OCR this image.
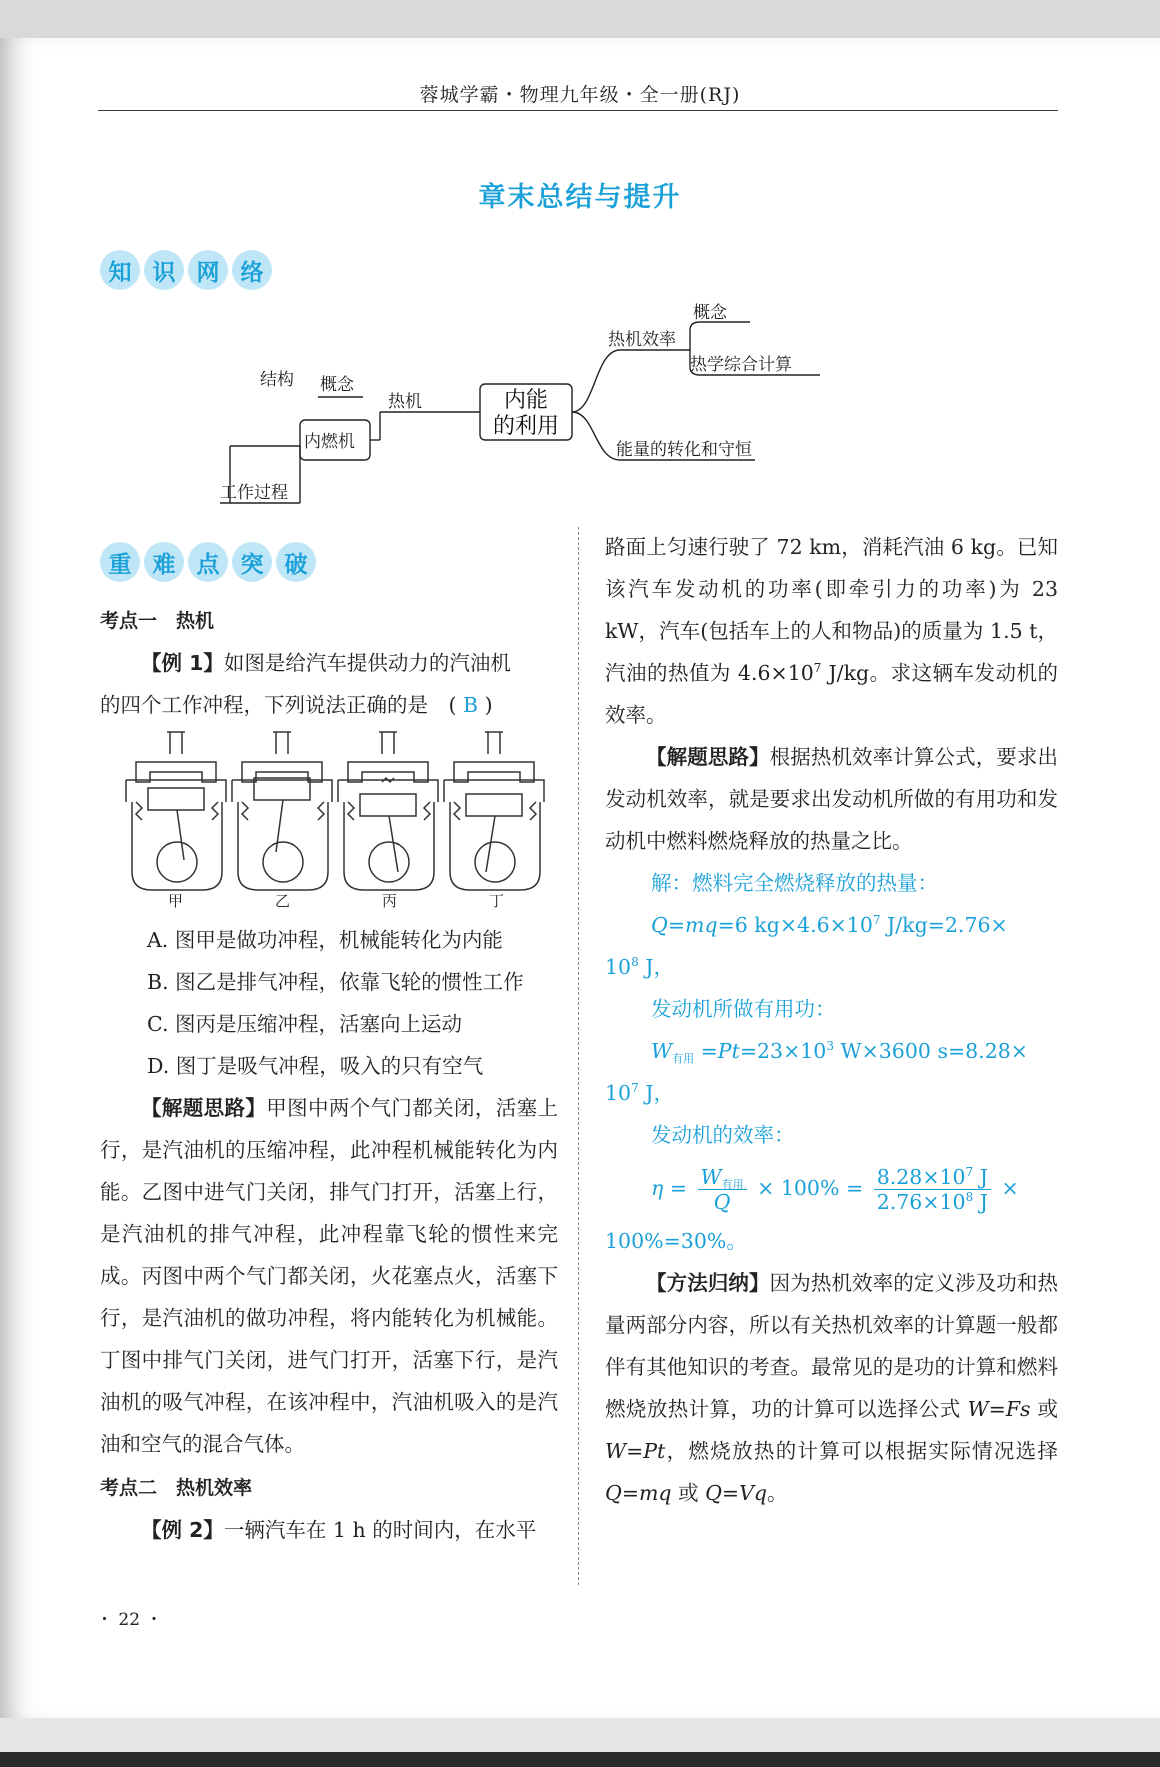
蓉城学霸・物理九年级・全一册(RJ)
章末总结与提升
知 识 网 络
结构
工作过程
概念
内燃机
热机	内能
的利用
概念
热学综合计算
热机效率
能量的转化和守恒
重 难 点 突 破

考点一　热机

【例 1】如图是给汽车提供动力的汽油机

的四个工作冲程，下列说法正确的是　( B )

甲	乙	丙	丁

A. 图甲是做功冲程，机械能转化为内能

B. 图乙是排气冲程，依靠飞轮的惯性工作

C. 图丙是压缩冲程，活塞向上运动

D. 图丁是吸气冲程，吸入的只有空气

【解题思路】甲图中两个气门都关闭，活塞上行，是汽油机的压缩冲程，此冲程机械能转化为内能。乙图中进气门关闭，排气门打开，活塞上行，是汽油机的排气冲程，此冲程靠飞轮的惯性来完成。丙图中两个气门都关闭，火花塞点火，活塞下行，是汽油机的做功冲程，将内能转化为机械能。丁图中排气门关闭，进气门打开，活塞下行，是汽油机的吸气冲程，在该冲程中，汽油机吸入的是汽油和空气的混合气体。

考点二　热机效率

【例 2】一辆汽车在 1 h 的时间内，在水平

路面上匀速行驶了 72 km，消耗汽油 6 kg。已知该汽车发动机的功率(即牵引力的功率)为 23 kW，汽车(包括车上的人和物品)的质量为 1.5 t，汽油的热值为 $4.6\times 10^7$ J/kg。求这辆车发动机的效率。

【解题思路】根据热机效率计算公式，要求出发动机效率，就是要求出发动机所做的有用功和发动机中燃料燃烧释放的热量之比。

解：燃料完全燃烧释放的热量：

Q=mq=6 $kg\times 4.6\times 10^7$ J/kg=2.76×

$10^8$ J，

发动机所做有用功：

$W_{有用} =Pt=23\times 10^3$ W×3600 s=8.28×

$10^7$ J，

发动机的效率：

$\eta = \frac{W_{有用}}{Q} \times 100\% = \frac{8.28\times 10^7 J}{2.76\times 10^8 J}$ ×

100%=30%。

【方法归纳】因为热机效率的定义涉及功和热量两部分内容，所以有关热机效率的计算题一般都伴有其他知识的考查。最常见的是功的计算和燃料燃烧放热计算，功的计算可以选择公式 W=Fs 或 W=Pt，燃烧放热的计算可以根据实际情况选择 Q=mq 或 Q=Vq。

・ 22 ・
